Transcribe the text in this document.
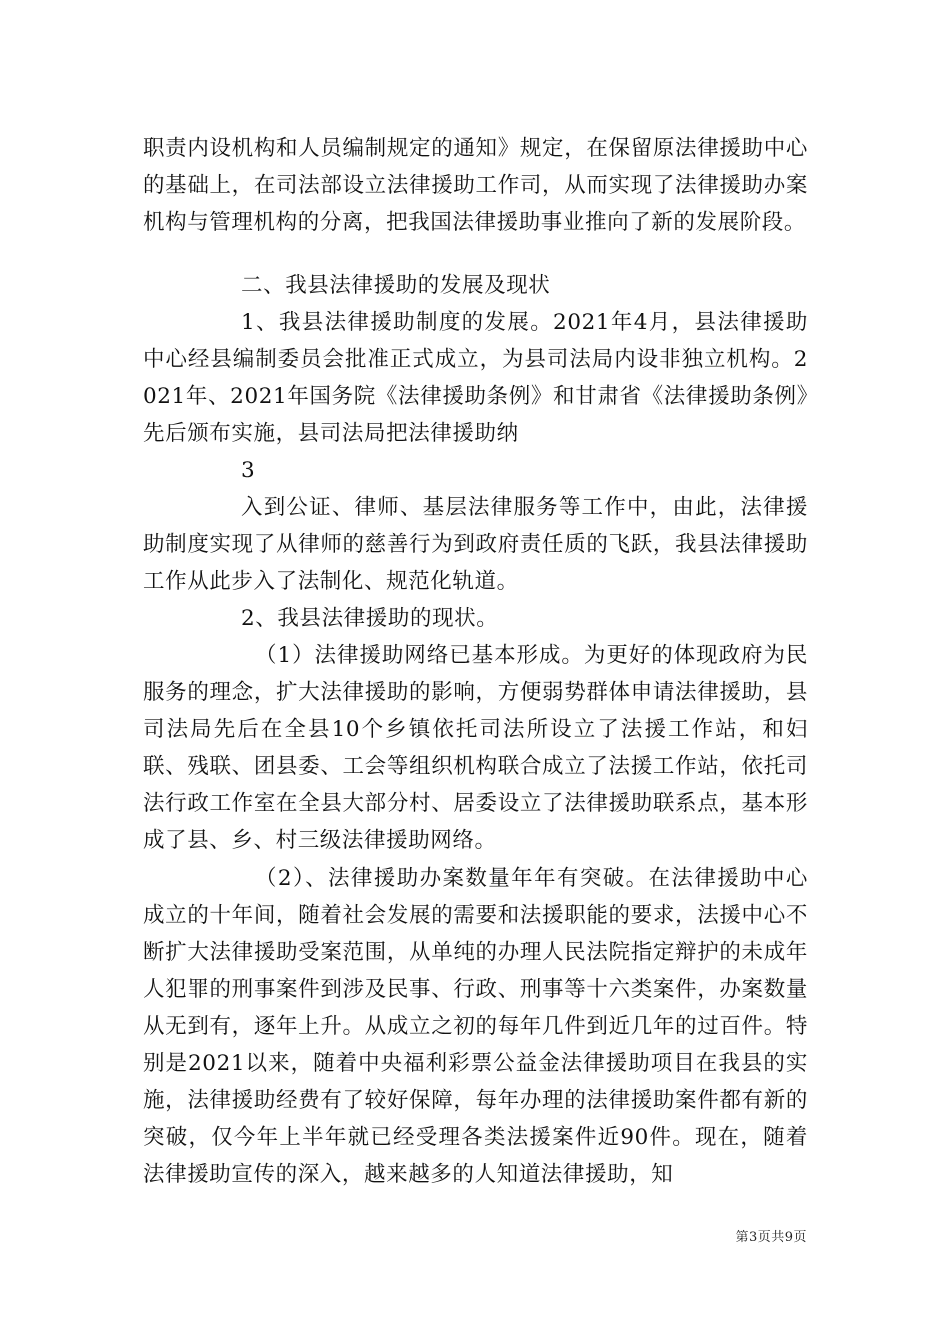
职责内设机构和人员编制规定的通知》规定，在保留原法律援助中心的基础上，在司法部设立法律援助工作司，从而实现了法律援助办案机构与管理机构的分离，把我国法律援助事业推向了新的发展阶段。

二、我县法律援助的发展及现状

1、我县法律援助制度的发展。2021年4月，县法律援助中心经县编制委员会批准正式成立，为县司法局内设非独立机构。2021年、2021年国务院《法律援助条例》和甘肃省《法律援助条例》先后颁布实施，县司法局把法律援助纳

3

入到公证、律师、基层法律服务等工作中，由此，法律援助制度实现了从律师的慈善行为到政府责任质的飞跃，我县法律援助工作从此步入了法制化、规范化轨道。

2、我县法律援助的现状。

（1）法律援助网络已基本形成。为更好的体现政府为民服务的理念，扩大法律援助的影响，方便弱势群体申请法律援助，县司法局先后在全县10个乡镇依托司法所设立了法援工作站，和妇联、残联、团县委、工会等组织机构联合成立了法援工作站，依托司法行政工作室在全县大部分村、居委设立了法律援助联系点，基本形成了县、乡、村三级法律援助网络。

（2）、法律援助办案数量年年有突破。在法律援助中心成立的十年间，随着社会发展的需要和法援职能的要求，法援中心不断扩大法律援助受案范围，从单纯的办理人民法院指定辩护的未成年人犯罪的刑事案件到涉及民事、行政、刑事等十六类案件，办案数量从无到有，逐年上升。从成立之初的每年几件到近几年的过百件。特别是2021以来，随着中央福利彩票公益金法律援助项目在我县的实施，法律援助经费有了较好保障，每年办理的法律援助案件都有新的突破，仅今年上半年就已经受理各类法援案件近90件。现在，随着法律援助宣传的深入，越来越多的人知道法律援助，知

第3页共9页
